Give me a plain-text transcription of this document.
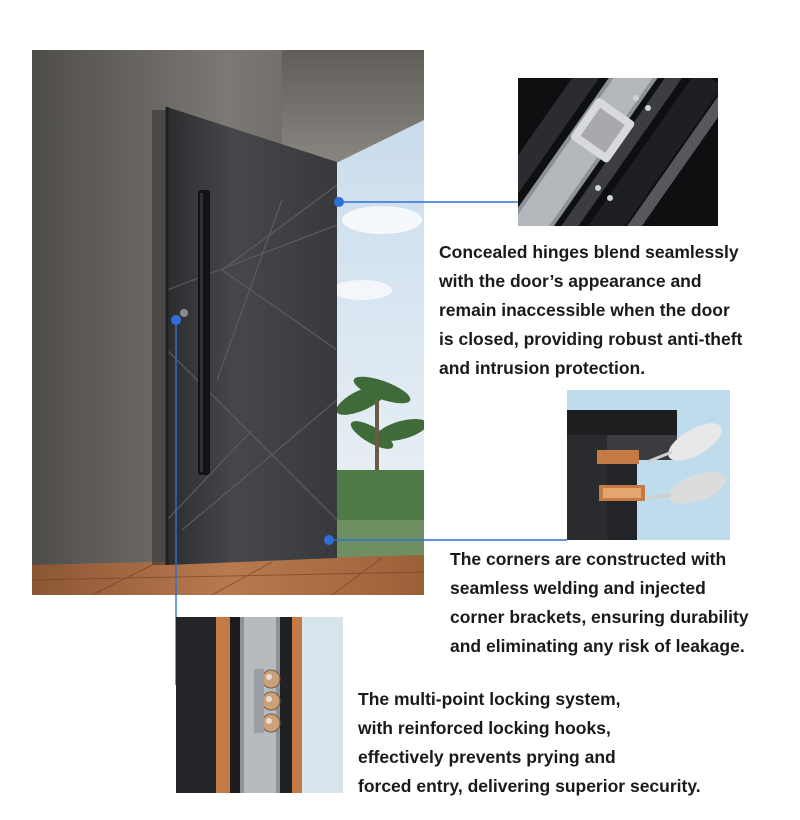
Concealed hinges blend seamlessly
with the door’s appearance and
remain inaccessible when the door
is closed, providing robust anti-theft
and intrusion protection.
The corners are constructed with
seamless welding and injected
corner brackets, ensuring durability
and eliminating any risk of leakage.
The multi-point locking system,
with reinforced locking hooks,
effectively prevents prying and
forced entry, delivering superior security.
